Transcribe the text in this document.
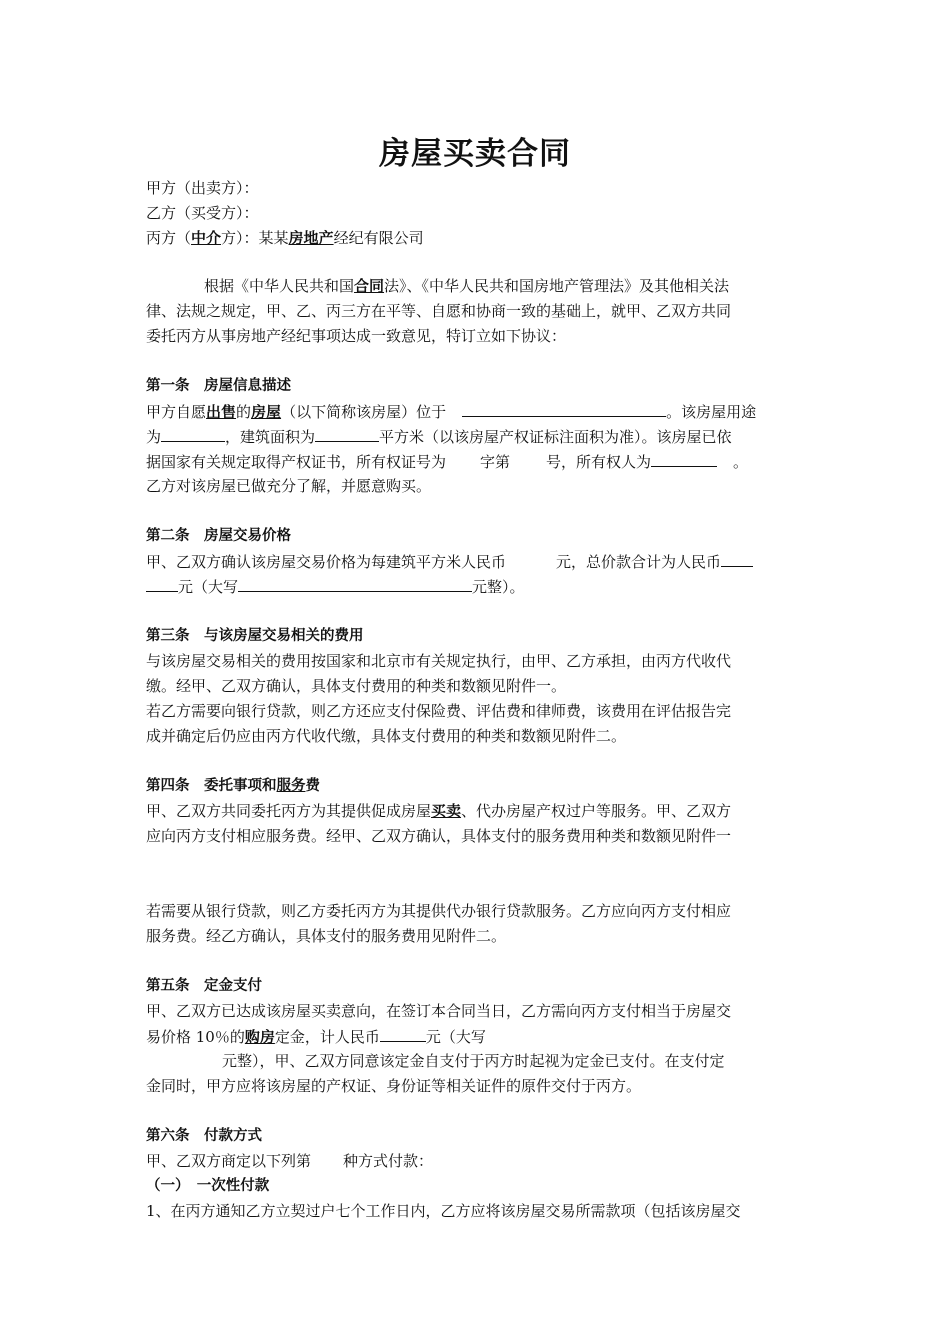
房屋买卖合同
甲方（出卖方）：
乙方（买受方）：
丙方（中介方）：某某房地产经纪有限公司
根据《中华人民共和国合同法》、《中华人民共和国房地产管理法》及其他相关法
律、法规之规定，甲、乙、丙三方在平等、自愿和协商一致的基础上，就甲、乙双方共同
委托丙方从事房地产经纪事项达成一致意见，特订立如下协议：
第一条　房屋信息描述
甲方自愿出售的房屋（以下简称该房屋）位于	。该房屋用途
为	，建筑面积为	平方米（以该房屋产权证标注面积为准）。该房屋已依
据国家有关规定取得产权证书，所有权证号为 字第 号，所有权人为	。
乙方对该房屋已做充分了解，并愿意购买。
第二条　房屋交易价格
甲、乙双方确认该房屋交易价格为每建筑平方米人民币	元，总价款合计为人民币
元（大写	元整）。
第三条　与该房屋交易相关的费用
与该房屋交易相关的费用按国家和北京市有关规定执行，由甲、乙方承担，由丙方代收代
缴。经甲、乙双方确认，具体支付费用的种类和数额见附件一。
若乙方需要向银行贷款，则乙方还应支付保险费、评估费和律师费，该费用在评估报告完
成并确定后仍应由丙方代收代缴，具体支付费用的种类和数额见附件二。
第四条　委托事项和服务费
甲、乙双方共同委托丙方为其提供促成房屋买卖、代办房屋产权过户等服务。甲、乙双方
应向丙方支付相应服务费。经甲、乙双方确认，具体支付的服务费用种类和数额见附件一
若需要从银行贷款，则乙方委托丙方为其提供代办银行贷款服务。乙方应向丙方支付相应
服务费。经乙方确认，具体支付的服务费用见附件二。
第五条　定金支付
甲、乙双方已达成该房屋买卖意向，在签订本合同当日，乙方需向丙方支付相当于房屋交
易价格 10％的购房定金，计人民币	元（大写
元整），甲、乙双方同意该定金自支付于丙方时起视为定金已支付。在支付定
金同时，甲方应将该房屋的产权证、身份证等相关证件的原件交付于丙方。
第六条　付款方式
甲、乙双方商定以下列第 种方式付款：
（一）　一次性付款
1、在丙方通知乙方立契过户七个工作日内，乙方应将该房屋交易所需款项（包括该房屋交
